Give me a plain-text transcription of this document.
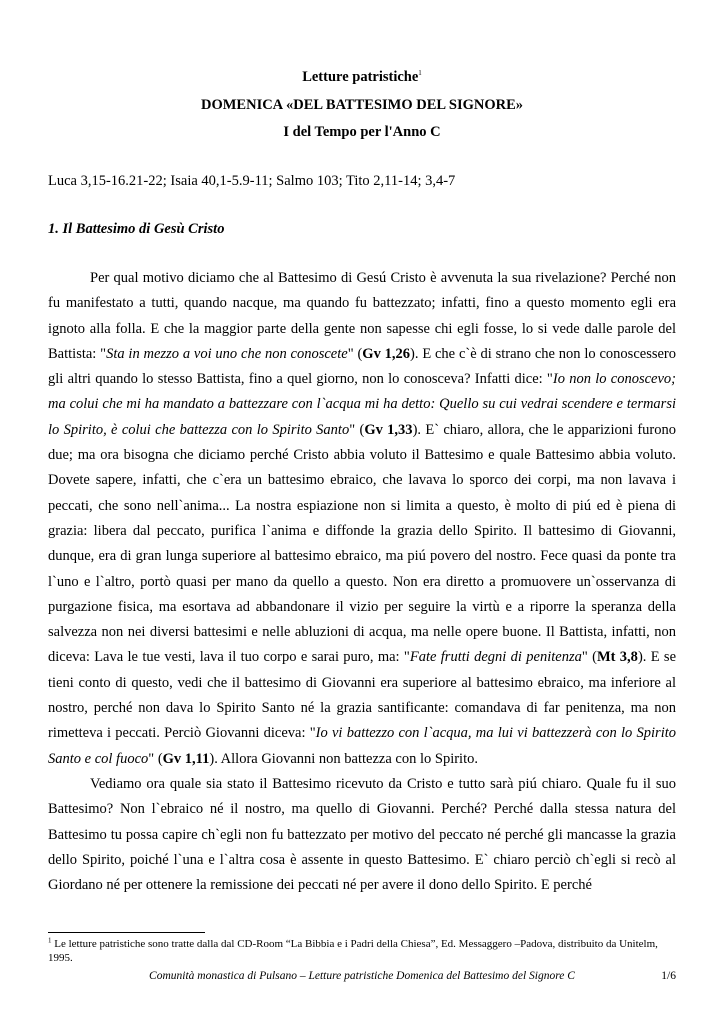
Letture patristiche$^1$
DOMENICA «DEL BATTESIMO DEL SIGNORE»
I del Tempo per l'Anno C

Luca 3,15-16.21-22; Isaia 40,1-5.9-11; Salmo 103; Tito 2,11-14; 3,4-7

1. Il Battesimo di Gesù Cristo

Per qual motivo diciamo che al Battesimo di Gesú Cristo è avvenuta la sua rivelazione? Perché non fu manifestato a tutti, quando nacque, ma quando fu battezzato; infatti, fino a questo momento egli era ignoto alla folla. E che la maggior parte della gente non sapesse chi egli fosse, lo si vede dalle parole del Battista: "Sta in mezzo a voi uno che non conoscete" (Gv 1,26). E che c`è di strano che non lo conoscessero gli altri quando lo stesso Battista, fino a quel giorno, non lo conosceva? Infatti dice: "Io non lo conoscevo; ma colui che mi ha mandato a battezzare con l`acqua mi ha detto: Quello su cui vedrai scendere e termarsi lo Spirito, è colui che battezza con lo Spirito Santo" (Gv 1,33). E` chiaro, allora, che le apparizioni furono due; ma ora bisogna che diciamo perché Cristo abbia voluto il Battesimo e quale Battesimo abbia voluto. Dovete sapere, infatti, che c`era un battesimo ebraico, che lavava lo sporco dei corpi, ma non lavava i peccati, che sono nell`anima... La nostra espiazione non si limita a questo, è molto di piú ed è piena di grazia: libera dal peccato, purifica l`anima e diffonde la grazia dello Spirito. Il battesimo di Giovanni, dunque, era di gran lunga superiore al battesimo ebraico, ma piú povero del nostro. Fece quasi da ponte tra l`uno e l`altro, portò quasi per mano da quello a questo. Non era diretto a promuovere un`osservanza di purgazione fisica, ma esortava ad abbandonare il vizio per seguire la virtù e a riporre la speranza della salvezza non nei diversi battesimi e nelle abluzioni di acqua, ma nelle opere buone. Il Battista, infatti, non diceva: Lava le tue vesti, lava il tuo corpo e sarai puro, ma: "Fate frutti degni di penitenza" (Mt 3,8). E se tieni conto di questo, vedi che il battesimo di Giovanni era superiore al battesimo ebraico, ma inferiore al nostro, perché non dava lo Spirito Santo né la grazia santificante: comandava di far penitenza, ma non rimetteva i peccati. Perciò Giovanni diceva: "Io vi battezzo con l`acqua, ma lui vi battezzerà con lo Spirito Santo e col fuoco" (Gv 1,11). Allora Giovanni non battezza con lo Spirito.

Vediamo ora quale sia stato il Battesimo ricevuto da Cristo e tutto sarà piú chiaro. Quale fu il suo Battesimo? Non l`ebraico né il nostro, ma quello di Giovanni. Perché? Perché dalla stessa natura del Battesimo tu possa capire ch`egli non fu battezzato per motivo del peccato né perché gli mancasse la grazia dello Spirito, poiché l`una e l`altra cosa è assente in questo Battesimo. E` chiaro perciò ch`egli si recò al Giordano né per ottenere la remissione dei peccati né per avere il dono dello Spirito. E perché

$^1$ Le letture patristiche sono tratte dalla dal CD-Room “La Bibbia e i Padri della Chiesa”, Ed. Messaggero –Padova, distribuito da Unitelm, 1995.

Comunità monastica di Pulsano – Letture patristiche Domenica del Battesimo del Signore C	1/6
